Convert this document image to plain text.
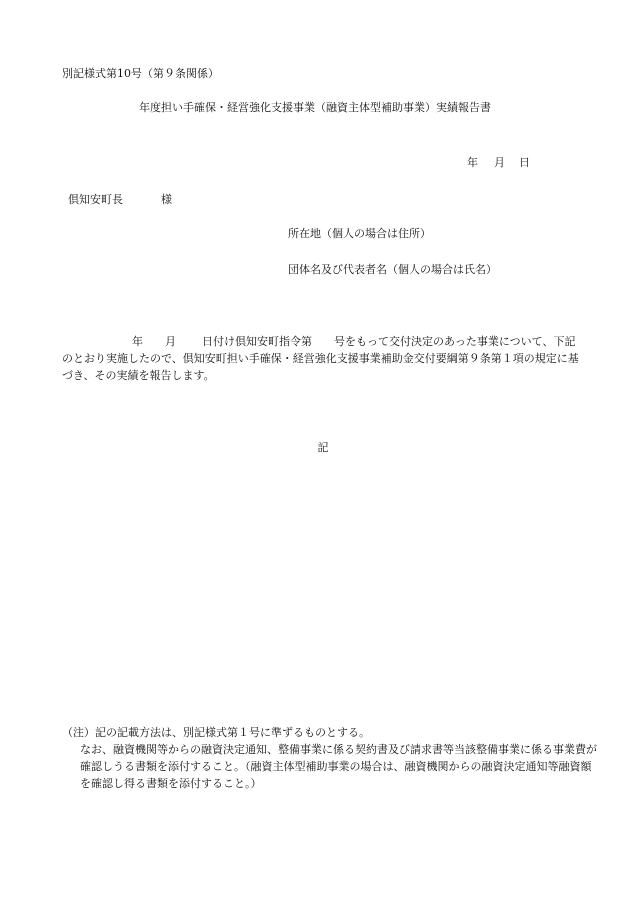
別記様式第10号（第９条関係）
年度担い手確保・経営強化支援事業（融資主体型補助事業）実績報告書
年 月 日
倶知安町長	様
所在地（個人の場合は住所）
団体名及び代表者名（個人の場合は氏名）
年 月 日付け倶知安町指令第 号をもって交付決定のあった事業について、下記のとおり実施したので、倶知安町担い手確保・経営強化支援事業補助金交付要綱第９条第１項の規定に基づき、その実績を報告します。
記
（注）記の記載方法は、別記様式第１号に準ずるものとする。
なお、融資機関等からの融資決定通知、整備事業に係る契約書及び請求書等当該整備事業に係る事業費が確認しうる書類を添付すること。（融資主体型補助事業の場合は、融資機関からの融資決定通知等融資額を確認し得る書類を添付すること。）
